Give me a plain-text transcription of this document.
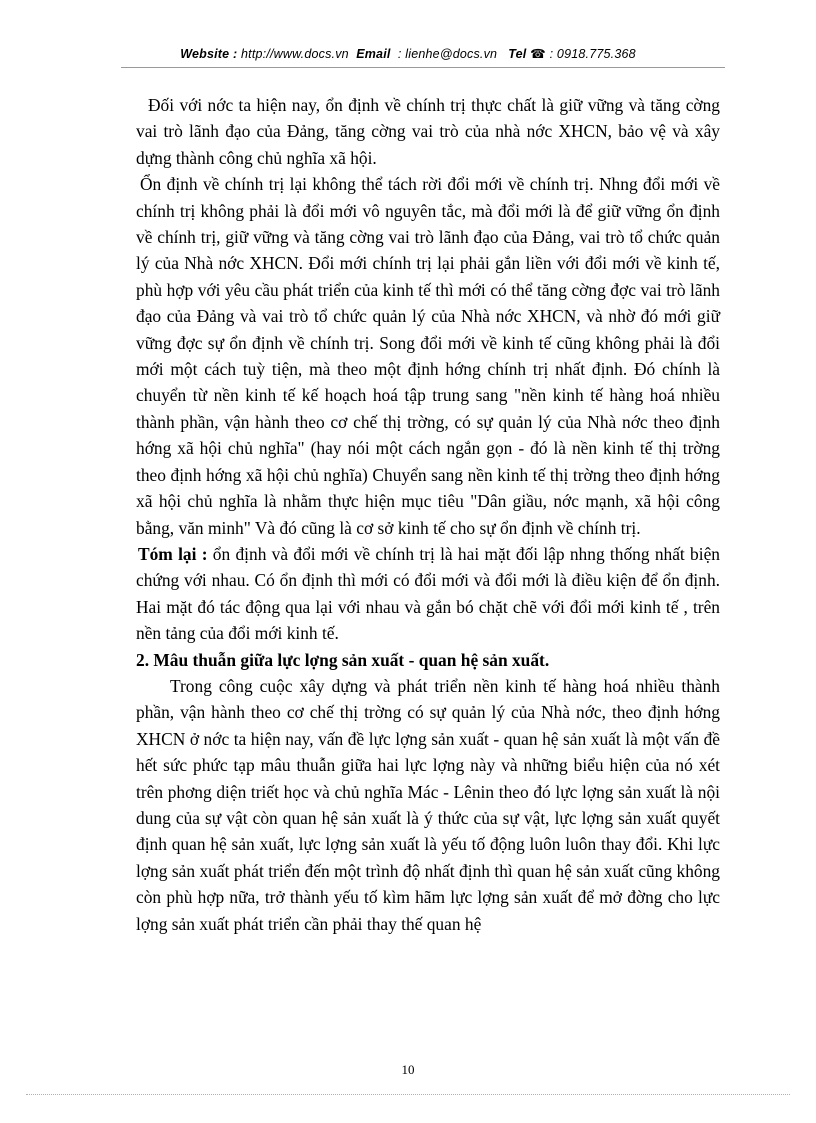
Website : http://www.docs.vn Email : lienhe@docs.vn Tel ☎ : 0918.775.368

Đối với nớc ta hiện nay, ổn định về chính trị thực chất là giữ vững và tăng cờng vai trò lãnh đạo của Đảng, tăng cờng vai trò của nhà nớc XHCN, bảo vệ và xây dựng thành công chủ nghĩa xã hội.

Ổn định về chính trị lại không thể tách rời đổi mới về chính trị. Nhng đổi mới về chính trị không phải là đổi mới vô nguyên tắc, mà đổi mới là để giữ vững ổn định về chính trị, giữ vững và tăng cờng vai trò lãnh đạo của Đảng, vai trò tổ chức quản lý của Nhà nớc XHCN. Đổi mới chính trị lại phải gắn liền với đổi mới về kinh tế, phù hợp với yêu cầu phát triển của kinh tế thì mới có thể tăng cờng đợc vai trò lãnh đạo của Đảng và vai trò tổ chức quản lý của Nhà nớc XHCN, và nhờ đó mới giữ vững đợc sự ổn định về chính trị. Song đổi mới về kinh tế cũng không phải là đổi mới một cách tuỳ tiện, mà theo một định hớng chính trị nhất định. Đó chính là chuyển từ nền kinh tế kế hoạch hoá tập trung sang "nền kinh tế hàng hoá nhiều thành phần, vận hành theo cơ chế thị trờng, có sự quản lý của Nhà nớc theo định hớng xã hội chủ nghĩa" (hay nói một cách ngắn gọn - đó là nền kinh tế thị trờng theo định hớng xã hội chủ nghĩa) Chuyển sang nền kinh tế thị trờng theo định hớng xã hội chủ nghĩa là nhằm thực hiện mục tiêu "Dân giầu, nớc mạnh, xã hội công bằng, văn minh" Và đó cũng là cơ sở kinh tế cho sự ổn định về chính trị.

Tóm lại : ổn định và đổi mới về chính trị là hai mặt đối lập nhng thống nhất biện chứng với nhau. Có ổn định thì mới có đổi mới và đổi mới là điều kiện để ổn định. Hai mặt đó tác động qua lại với nhau và gắn bó chặt chẽ với đổi mới kinh tế , trên nền tảng của đổi mới kinh tế.

2. Mâu thuẫn giữa lực lợng sản xuất - quan hệ sản xuất.

Trong công cuộc xây dựng và phát triển nền kinh tế hàng hoá nhiều thành phần, vận hành theo cơ chế thị trờng có sự quản lý của Nhà nớc, theo định hớng XHCN ở nớc ta hiện nay, vấn đề lực lợng sản xuất - quan hệ sản xuất là một vấn đề hết sức phức tạp mâu thuẫn giữa hai lực lợng này và những biểu hiện của nó xét trên phơng diện triết học và chủ nghĩa Mác - Lênin theo đó lực lợng sản xuất là nội dung của sự vật còn quan hệ sản xuất là ý thức của sự vật, lực lợng sản xuất quyết định quan hệ sản xuất, lực lợng sản xuất là yếu tố động luôn luôn thay đổi. Khi lực lợng sản xuất phát triển đến một trình độ nhất định thì quan hệ sản xuất cũng không còn phù hợp nữa, trở thành yếu tố kìm hãm lực lợng sản xuất để mở đờng cho lực lợng sản xuất phát triển cần phải thay thế quan hệ

10
